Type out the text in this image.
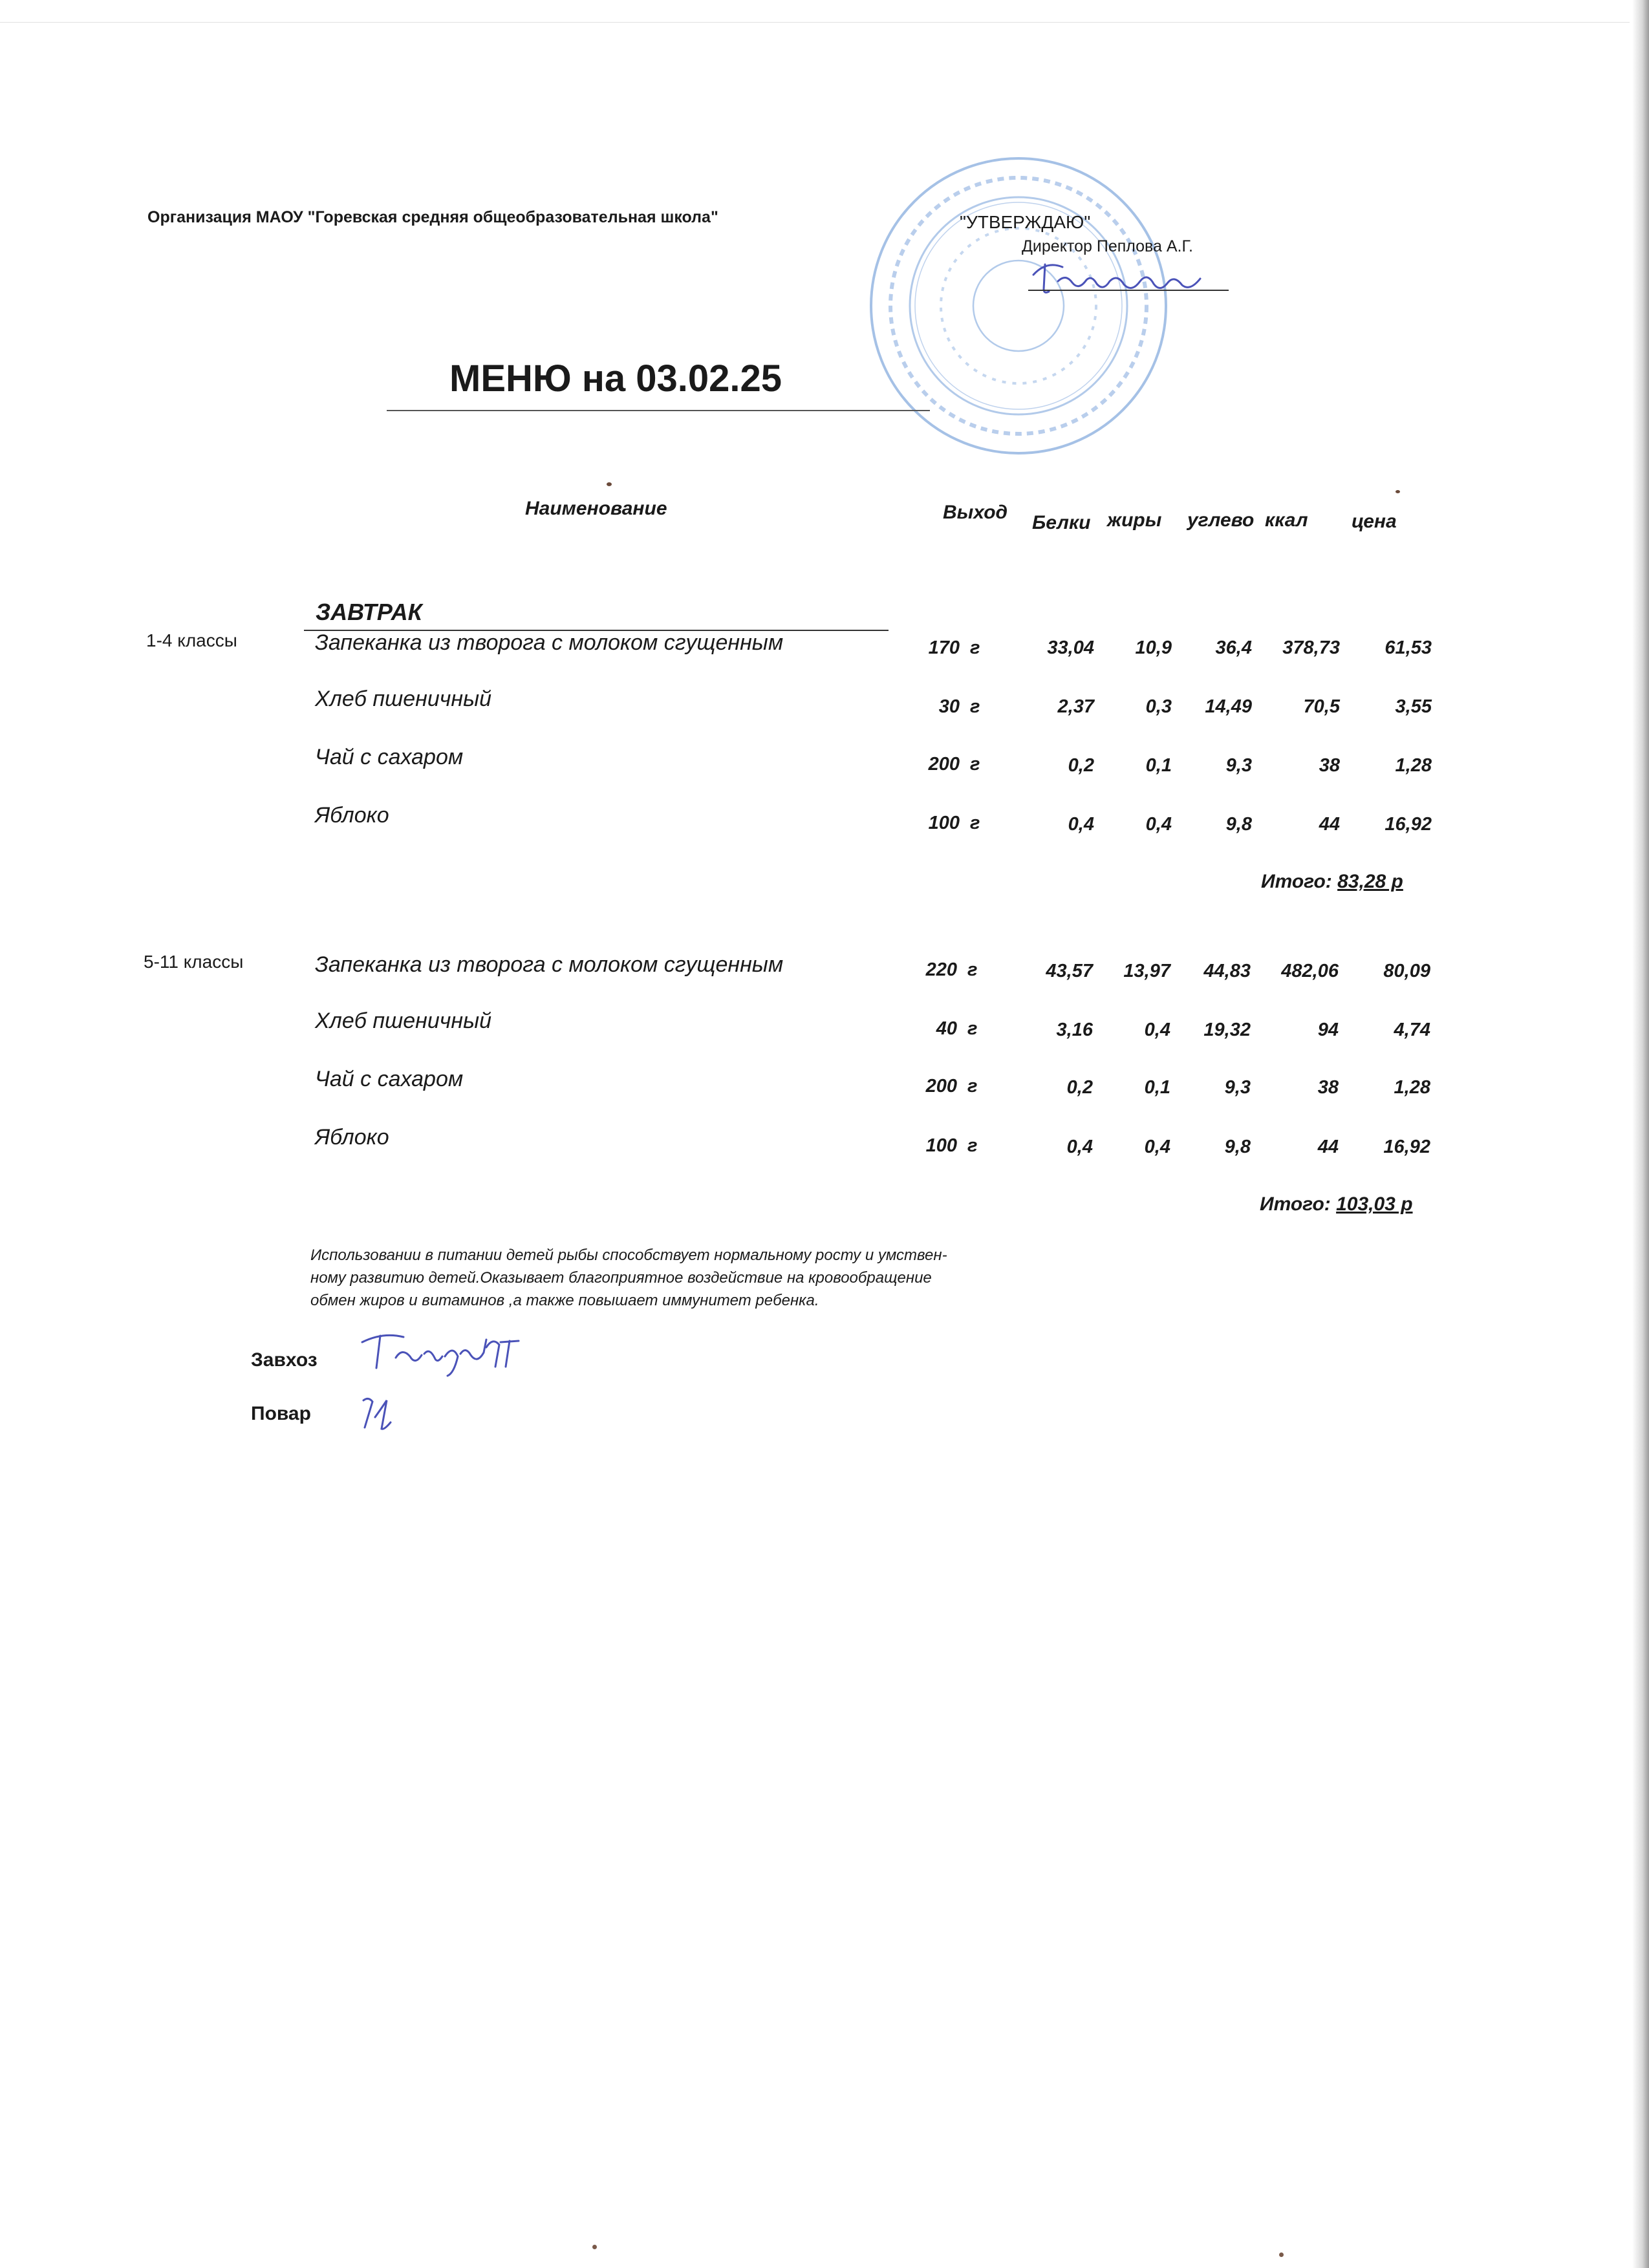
Организация МАОУ "Горевская средняя общеобразовательная школа"	"УТВЕРЖДАЮ"
Директор Пеплова А.Г.
МЕНЮ на 03.02.25
Наименование	Выход Белки жиры углево ккал цена
ЗАВТРАК
1-4 классы	Запеканка из творога с молоком сгущенным	170 г	33,04	10,9	36,4	378,73	61,53
Хлеб пшеничный	30 г	2,37	0,3	14,49	70,5	3,55
Чай с сахаром	200 г	0,2	0,1	9,3	38	1,28
Яблоко	100 г	0,4	0,4	9,8	44	16,92
Итого: 83,28 р
5-11 классы	Запеканка из творога с молоком сгущенным	220 г	43,57	13,97	44,83	482,06	80,09
Хлеб пшеничный	40 г	3,16	0,4	19,32	94	4,74
Чай с сахаром	200 г	0,2	0,1	9,3	38	1,28
Яблоко	100 г	0,4	0,4	9,8	44	16,92
Итого: 103,03 р
Использовании в питании детей рыбы способствует нормальному росту и умствен-
ному развитию детей.Оказывает благоприятное воздействие на кровообращение
обмен жиров и витаминов ,а также повышает иммунитет ребенка.
Завхоз
Повар
